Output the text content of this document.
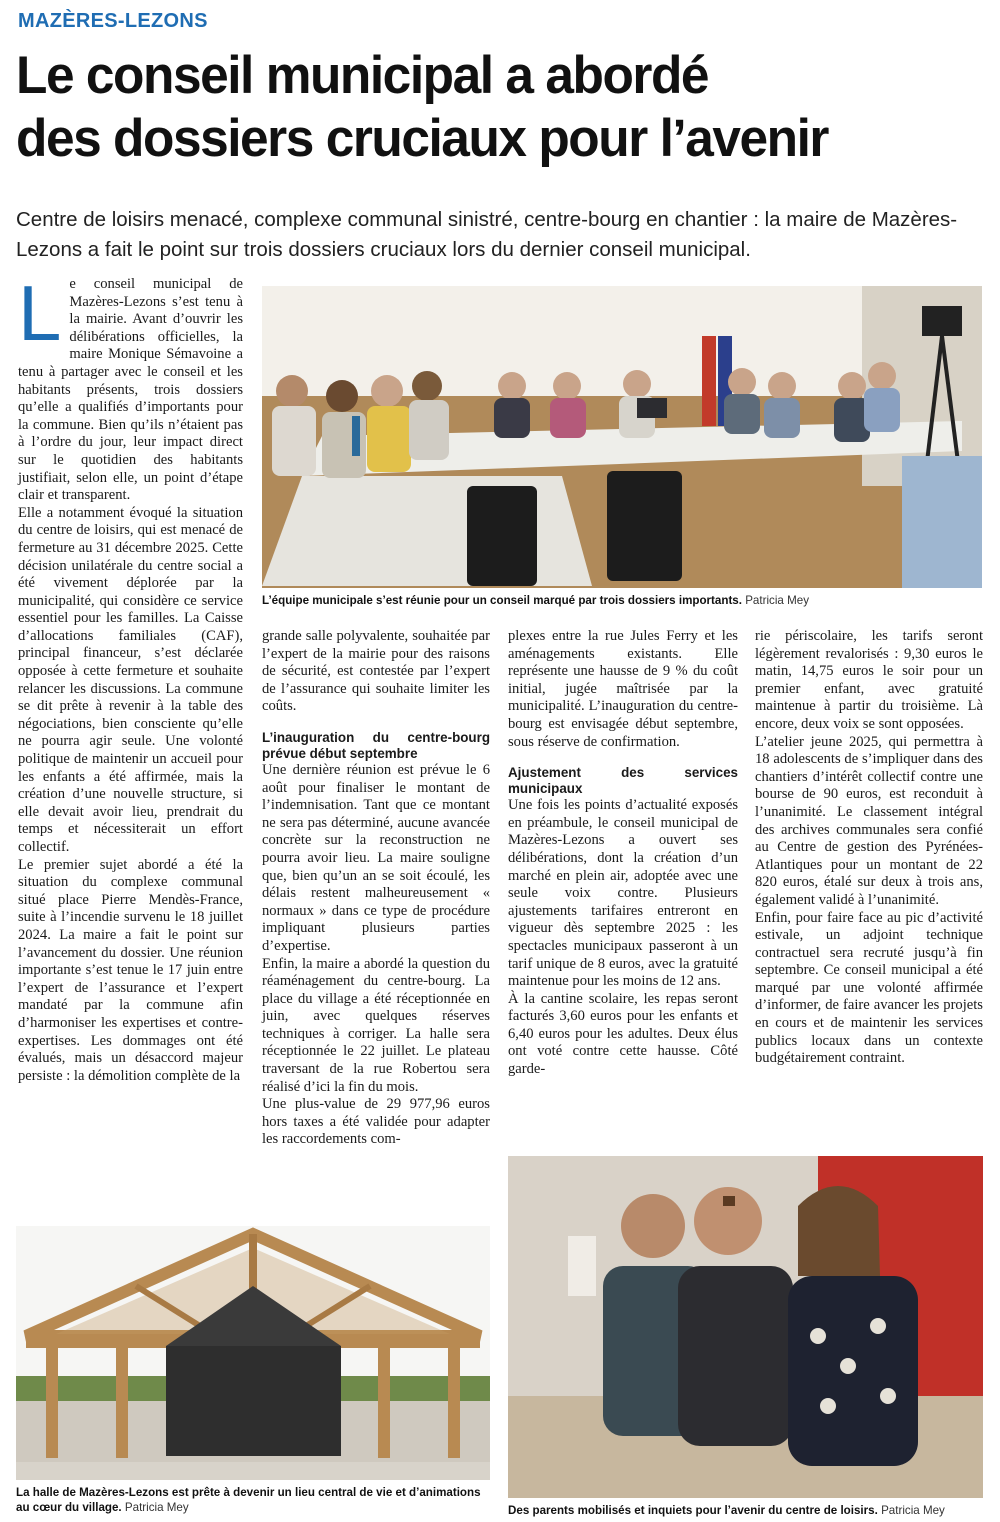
MAZÈRES-LEZONS
Le conseil municipal a abordé
des dossiers cruciaux pour l’avenir
Centre de loisirs menacé, complexe communal sinistré, centre-bourg en chantier : la maire de Mazères-Lezons a fait le point sur trois dossiers cruciaux lors du dernier conseil municipal.

Le conseil municipal de Mazères-Lezons s’est tenu à la mairie. Avant d’ouvrir les délibérations officielles, la maire Monique Sémavoine a tenu à partager avec le conseil et les habitants présents, trois dossiers qu’elle a qualifiés d’importants pour la commune. Bien qu’ils n’étaient pas à l’ordre du jour, leur impact direct sur le quotidien des habitants justifiait, selon elle, un point d’étape clair et transparent.

Elle a notamment évoqué la situation du centre de loisirs, qui est menacé de fermeture au 31 décembre 2025. Cette décision unilatérale du centre social a été vivement déplorée par la municipalité, qui considère ce service essentiel pour les familles. La Caisse d’allocations familiales (CAF), principal financeur, s’est déclarée opposée à cette fermeture et souhaite relancer les discussions. La commune se dit prête à revenir à la table des négociations, bien consciente qu’elle ne pourra agir seule. Une volonté politique de maintenir un accueil pour les enfants a été affirmée, mais la création d’une nouvelle structure, si elle devait avoir lieu, prendrait du temps et nécessiterait un effort collectif.

Le premier sujet abordé a été la situation du complexe communal situé place Pierre Mendès-France, suite à l’incendie survenu le 18 juillet 2024. La maire a fait le point sur l’avancement du dossier. Une réunion importante s’est tenue le 17 juin entre l’expert de l’assurance et l’expert mandaté par la commune afin d’harmoniser les expertises et contre-expertises. Les dommages ont été évalués, mais un désaccord majeur persiste : la démolition complète de la

L’équipe municipale s’est réunie pour un conseil marqué par trois dossiers importants. Patricia Mey

grande salle polyvalente, souhaitée par l’expert de la mairie pour des raisons de sécurité, est contestée par l’expert de l’assurance qui souhaite limiter les coûts.

L’inauguration du centre-bourg prévue début septembre

Une dernière réunion est prévue le 6 août pour finaliser le montant de l’indemnisation. Tant que ce montant ne sera pas déterminé, aucune avancée concrète sur la reconstruction ne pourra avoir lieu. La maire souligne que, bien qu’un an se soit écoulé, les délais restent malheureusement « normaux » dans ce type de procédure impliquant plusieurs parties d’expertise.

Enfin, la maire a abordé la question du réaménagement du centre-bourg. La place du village a été réceptionnée en juin, avec quelques réserves techniques à corriger. La halle sera réceptionnée le 22 juillet. Le plateau traversant de la rue Robertou sera réalisé d’ici la fin du mois.

Une plus-value de 29 977,96 euros hors taxes a été validée pour adapter les raccordements com-

plexes entre la rue Jules Ferry et les aménagements existants. Elle représente une hausse de 9 % du coût initial, jugée maîtrisée par la municipalité. L’inauguration du centre-bourg est envisagée début septembre, sous réserve de confirmation.

Ajustement des services municipaux

Une fois les points d’actualité exposés en préambule, le conseil municipal de Mazères-Lezons a ouvert ses délibérations, dont la création d’un marché en plein air, adoptée avec une seule voix contre. Plusieurs ajustements tarifaires entreront en vigueur dès septembre 2025 : les spectacles municipaux passeront à un tarif unique de 8 euros, avec la gratuité maintenue pour les moins de 12 ans.

À la cantine scolaire, les repas seront facturés 3,60 euros pour les enfants et 6,40 euros pour les adultes. Deux élus ont voté contre cette hausse. Côté garde-

rie périscolaire, les tarifs seront légèrement revalorisés : 9,30 euros le matin, 14,75 euros le soir pour un premier enfant, avec gratuité maintenue à partir du troisième. Là encore, deux voix se sont opposées.

L’atelier jeune 2025, qui permettra à 18 adolescents de s’impliquer dans des chantiers d’intérêt collectif contre une bourse de 90 euros, est reconduit à l’unanimité. Le classement intégral des archives communales sera confié au Centre de gestion des Pyrénées-Atlantiques pour un montant de 22 820 euros, étalé sur deux à trois ans, également validé à l’unanimité.

Enfin, pour faire face au pic d’activité estivale, un adjoint technique contractuel sera recruté jusqu’à fin septembre. Ce conseil municipal a été marqué par une volonté affirmée d’informer, de faire avancer les projets en cours et de maintenir les services publics locaux dans un contexte budgétairement contraint.

La halle de Mazères-Lezons est prête à devenir un lieu central de vie et d’animations au cœur du village. Patricia Mey	Des parents mobilisés et inquiets pour l’avenir du centre de loisirs. Patricia Mey
